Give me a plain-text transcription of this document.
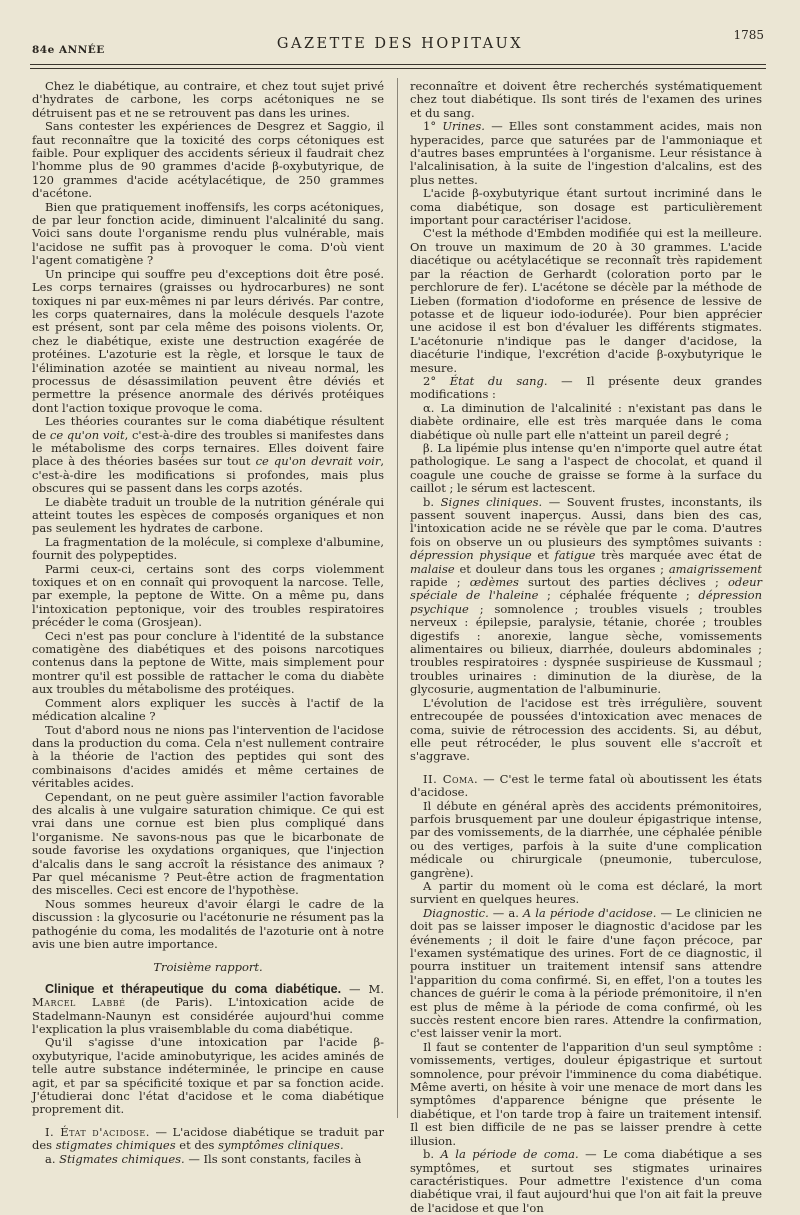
84e ANNÉE	GAZETTE DES HOPITAUX
1785

Chez le diabétique, au contraire, et chez tout sujet privé d'hydrates de carbone, les corps acétoniques ne se détruisent pas et ne se retrouvent pas dans les urines.

Sans contester les expériences de Desgrez et Saggio, il faut reconnaître que la toxicité des corps cétoniques est faible. Pour expliquer des accidents sérieux il faudrait chez l'homme plus de 90 grammes d'acide β-oxybutyrique, de 120 grammes d'acide acétylacétique, de 250 grammes d'acétone.

Bien que pratiquement inoffensifs, les corps acétoniques, de par leur fonction acide, diminuent l'alcalinité du sang. Voici sans doute l'organisme rendu plus vulnérable, mais l'acidose ne suffit pas à provoquer le coma. D'où vient l'agent comatigène ?

Un principe qui souffre peu d'exceptions doit être posé. Les corps ternaires (graisses ou hydrocarbures) ne sont toxiques ni par eux-mêmes ni par leurs dérivés. Par contre, les corps quaternaires, dans la molécule desquels l'azote est présent, sont par cela même des poisons violents. Or, chez le diabétique, existe une destruction exagérée de protéines. L'azoturie est la règle, et lorsque le taux de l'élimination azotée se maintient au niveau normal, les processus de désassimilation peuvent être déviés et permettre la présence anormale des dérivés protéiques dont l'action toxique provoque le coma.

Les théories courantes sur le coma diabétique résultent de ce qu'on voit, c'est-à-dire des troubles si manifestes dans le métabolisme des corps ternaires. Elles doivent faire place à des théories basées sur tout ce qu'on devrait voir, c'est-à-dire les modifications si profondes, mais plus obscures qui se passent dans les corps azotés.

Le diabète traduit un trouble de la nutrition générale qui atteint toutes les espèces de composés organiques et non pas seulement les hydrates de carbone.

La fragmentation de la molécule, si complexe d'albumine, fournit des polypeptides.

Parmi ceux-ci, certains sont des corps violemment toxiques et on en connaît qui provoquent la narcose. Telle, par exemple, la peptone de Witte. On a même pu, dans l'intoxication peptonique, voir des troubles respiratoires précéder le coma (Grosjean).

Ceci n'est pas pour conclure à l'identité de la substance comatigène des diabétiques et des poisons narcotiques contenus dans la peptone de Witte, mais simplement pour montrer qu'il est possible de rattacher le coma du diabète aux troubles du métabolisme des protéiques.

Comment alors expliquer les succès à l'actif de la médication alcaline ?

Tout d'abord nous ne nions pas l'intervention de l'acidose dans la production du coma. Cela n'est nullement contraire à la théorie de l'action des peptides qui sont des combinaisons d'acides amidés et même certaines de véritables acides.

Cependant, on ne peut guère assimiler l'action favorable des alcalis à une vulgaire saturation chimique. Ce qui est vrai dans une cornue est bien plus compliqué dans l'organisme. Ne savons-nous pas que le bicarbonate de soude favorise les oxydations organiques, que l'injection d'alcalis dans le sang accroît la résistance des animaux ? Par quel mécanisme ? Peut-être action de fragmentation des miscelles. Ceci est encore de l'hypothèse.

Nous sommes heureux d'avoir élargi le cadre de la discussion : la glycosurie ou l'acétonurie ne résument pas la pathogénie du coma, les modalités de l'azoturie ont à notre avis une bien autre importance.

Troisième rapport.

Clinique et thérapeutique du coma diabétique. — M. Marcel Labbé (de Paris). L'intoxication acide de Stadelmann-Naunyn est considérée aujourd'hui comme l'explication la plus vraisemblable du coma diabétique.

Qu'il s'agisse d'une intoxication par l'acide β-oxybutyrique, l'acide aminobutyrique, les acides aminés de telle autre substance indéterminée, le principe en cause agit, et par sa spécificité toxique et par sa fonction acide. J'étudierai donc l'état d'acidose et le coma diabétique proprement dit.

I. État d'acidose. — L'acidose diabétique se traduit par des stigmates chimiques et des symptômes cliniques.

a. Stigmates chimiques. — Ils sont constants, faciles à

reconnaître et doivent être recherchés systématiquement chez tout diabétique. Ils sont tirés de l'examen des urines et du sang.

1° Urines. — Elles sont constamment acides, mais non hyperacides, parce que saturées par de l'ammoniaque et d'autres bases empruntées à l'organisme. Leur résistance à l'alcalinisation, à la suite de l'ingestion d'alcalins, est des plus nettes.

L'acide β-oxybutyrique étant surtout incriminé dans le coma diabétique, son dosage est particulièrement important pour caractériser l'acidose.

C'est la méthode d'Embden modifiée qui est la meilleure. On trouve un maximum de 20 à 30 grammes. L'acide diacétique ou acétylacétique se reconnaît très rapidement par la réaction de Gerhardt (coloration porto par le perchlorure de fer). L'acétone se décèle par la méthode de Lieben (formation d'iodoforme en présence de lessive de potasse et de liqueur iodo-iodurée). Pour bien apprécier une acidose il est bon d'évaluer les différents stigmates. L'acétonurie n'indique pas le danger d'acidose, la diacéturie l'indique, l'excrétion d'acide β-oxybutyrique le mesure.

2° État du sang. — Il présente deux grandes modifications :

α. La diminution de l'alcalinité : n'existant pas dans le diabète ordinaire, elle est très marquée dans le coma diabétique où nulle part elle n'atteint un pareil degré ;

β. La lipémie plus intense qu'en n'importe quel autre état pathologique. Le sang a l'aspect de chocolat, et quand il coagule une couche de graisse se forme à la surface du caillot ; le sérum est lactescent.

b. Signes cliniques. — Souvent frustes, inconstants, ils passent souvent inaperçus. Aussi, dans bien des cas, l'intoxication acide ne se révèle que par le coma. D'autres fois on observe un ou plusieurs des symptômes suivants : dépression physique et fatigue très marquée avec état de malaise et douleur dans tous les organes ; amaigrissement rapide ; œdèmes surtout des parties déclives ; odeur spéciale de l'haleine ; céphalée fréquente ; dépression psychique ; somnolence ; troubles visuels ; troubles nerveux : épilepsie, paralysie, tétanie, chorée ; troubles digestifs : anorexie, langue sèche, vomissements alimentaires ou bilieux, diarrhée, douleurs abdominales ; troubles respiratoires : dyspnée suspirieuse de Kussmaul ; troubles urinaires : diminution de la diurèse, de la glycosurie, augmentation de l'albuminurie.

L'évolution de l'acidose est très irrégulière, souvent entrecoupée de poussées d'intoxication avec menaces de coma, suivie de rétrocession des accidents. Si, au début, elle peut rétrocéder, le plus souvent elle s'accroît et s'aggrave.

II. Coma. — C'est le terme fatal où aboutissent les états d'acidose.

Il débute en général après des accidents prémonitoires, parfois brusquement par une douleur épigastrique intense, par des vomissements, de la diarrhée, une céphalée pénible ou des vertiges, parfois à la suite d'une complication médicale ou chirurgicale (pneumonie, tuberculose, gangrène).

A partir du moment où le coma est déclaré, la mort survient en quelques heures.

Diagnostic. — a. A la période d'acidose. — Le clinicien ne doit pas se laisser imposer le diagnostic d'acidose par les événements ; il doit le faire d'une façon précoce, par l'examen systématique des urines. Fort de ce diagnostic, il pourra instituer un traitement intensif sans attendre l'apparition du coma confirmé. Si, en effet, l'on a toutes les chances de guérir le coma à la période prémonitoire, il n'en est plus de même à la période de coma confirmé, où les succès restent encore bien rares. Attendre la confirmation, c'est laisser venir la mort.

Il faut se contenter de l'apparition d'un seul symptôme : vomissements, vertiges, douleur épigastrique et surtout somnolence, pour prévoir l'imminence du coma diabétique. Même averti, on hésite à voir une menace de mort dans les symptômes d'apparence bénigne que présente le diabétique, et l'on tarde trop à faire un traitement intensif. Il est bien difficile de ne pas se laisser prendre à cette illusion.

b. A la période de coma. — Le coma diabétique a ses symptômes, et surtout ses stigmates urinaires caractéristiques. Pour admettre l'existence d'un coma diabétique vrai, il faut aujourd'hui que l'on ait fait la preuve de l'acidose et que l'on
